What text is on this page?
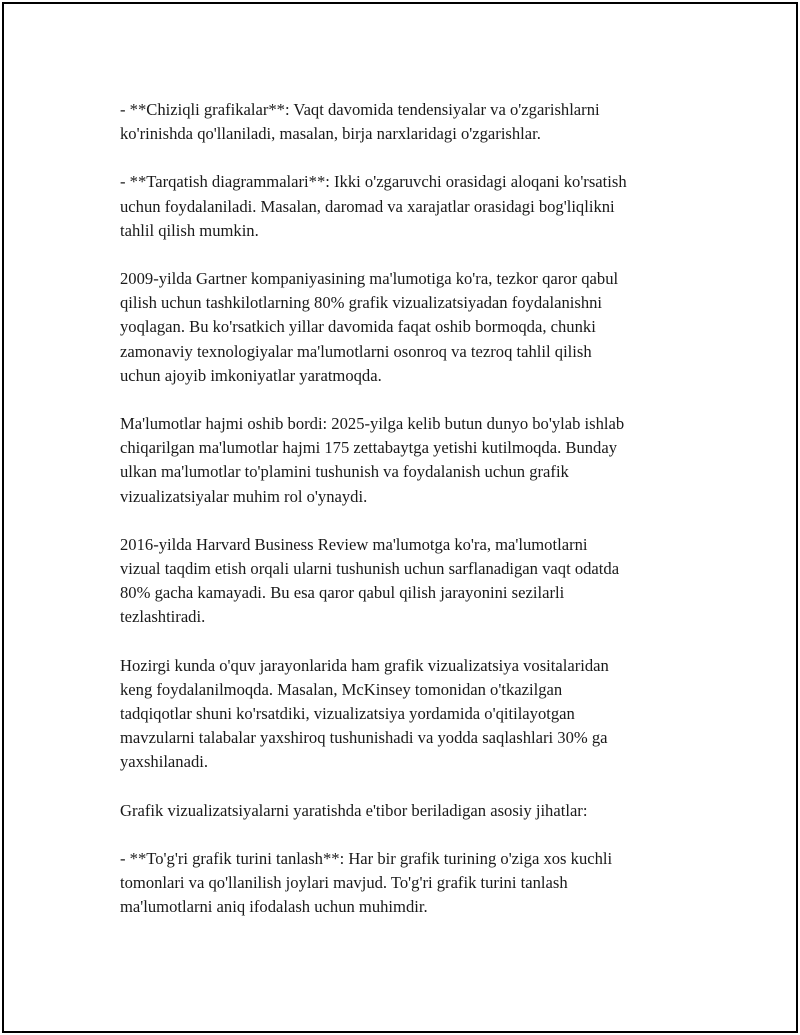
- **Chiziqli grafikalar**: Vaqt davomida tendensiyalar va o'zgarishlarni
ko'rinishda qo'llaniladi, masalan, birja narxlaridagi o'zgarishlar.

- **Tarqatish diagrammalari**: Ikki o'zgaruvchi orasidagi aloqani ko'rsatish
uchun foydalaniladi. Masalan, daromad va xarajatlar orasidagi bog'liqlikni
tahlil qilish mumkin.

2009-yilda Gartner kompaniyasining ma'lumotiga ko'ra, tezkor qaror qabul
qilish uchun tashkilotlarning 80% grafik vizualizatsiyadan foydalanishni
yoqlagan. Bu ko'rsatkich yillar davomida faqat oshib bormoqda, chunki
zamonaviy texnologiyalar ma'lumotlarni osonroq va tezroq tahlil qilish
uchun ajoyib imkoniyatlar yaratmoqda.

Ma'lumotlar hajmi oshib bordi: 2025-yilga kelib butun dunyo bo'ylab ishlab
chiqarilgan ma'lumotlar hajmi 175 zettabaytga yetishi kutilmoqda. Bunday
ulkan ma'lumotlar to'plamini tushunish va foydalanish uchun grafik
vizualizatsiyalar muhim rol o'ynaydi.

2016-yilda Harvard Business Review ma'lumotga ko'ra, ma'lumotlarni
vizual taqdim etish orqali ularni tushunish uchun sarflanadigan vaqt odatda
80% gacha kamayadi. Bu esa qaror qabul qilish jarayonini sezilarli
tezlashtiradi.

Hozirgi kunda o'quv jarayonlarida ham grafik vizualizatsiya vositalaridan
keng foydalanilmoqda. Masalan, McKinsey tomonidan o'tkazilgan
tadqiqotlar shuni ko'rsatdiki, vizualizatsiya yordamida o'qitilayotgan
mavzularni talabalar yaxshiroq tushunishadi va yodda saqlashlari 30% ga
yaxshilanadi.

Grafik vizualizatsiyalarni yaratishda e'tibor beriladigan asosiy jihatlar:

- **To'g'ri grafik turini tanlash**: Har bir grafik turining o'ziga xos kuchli
tomonlari va qo'llanilish joylari mavjud. To'g'ri grafik turini tanlash
ma'lumotlarni aniq ifodalash uchun muhimdir.
